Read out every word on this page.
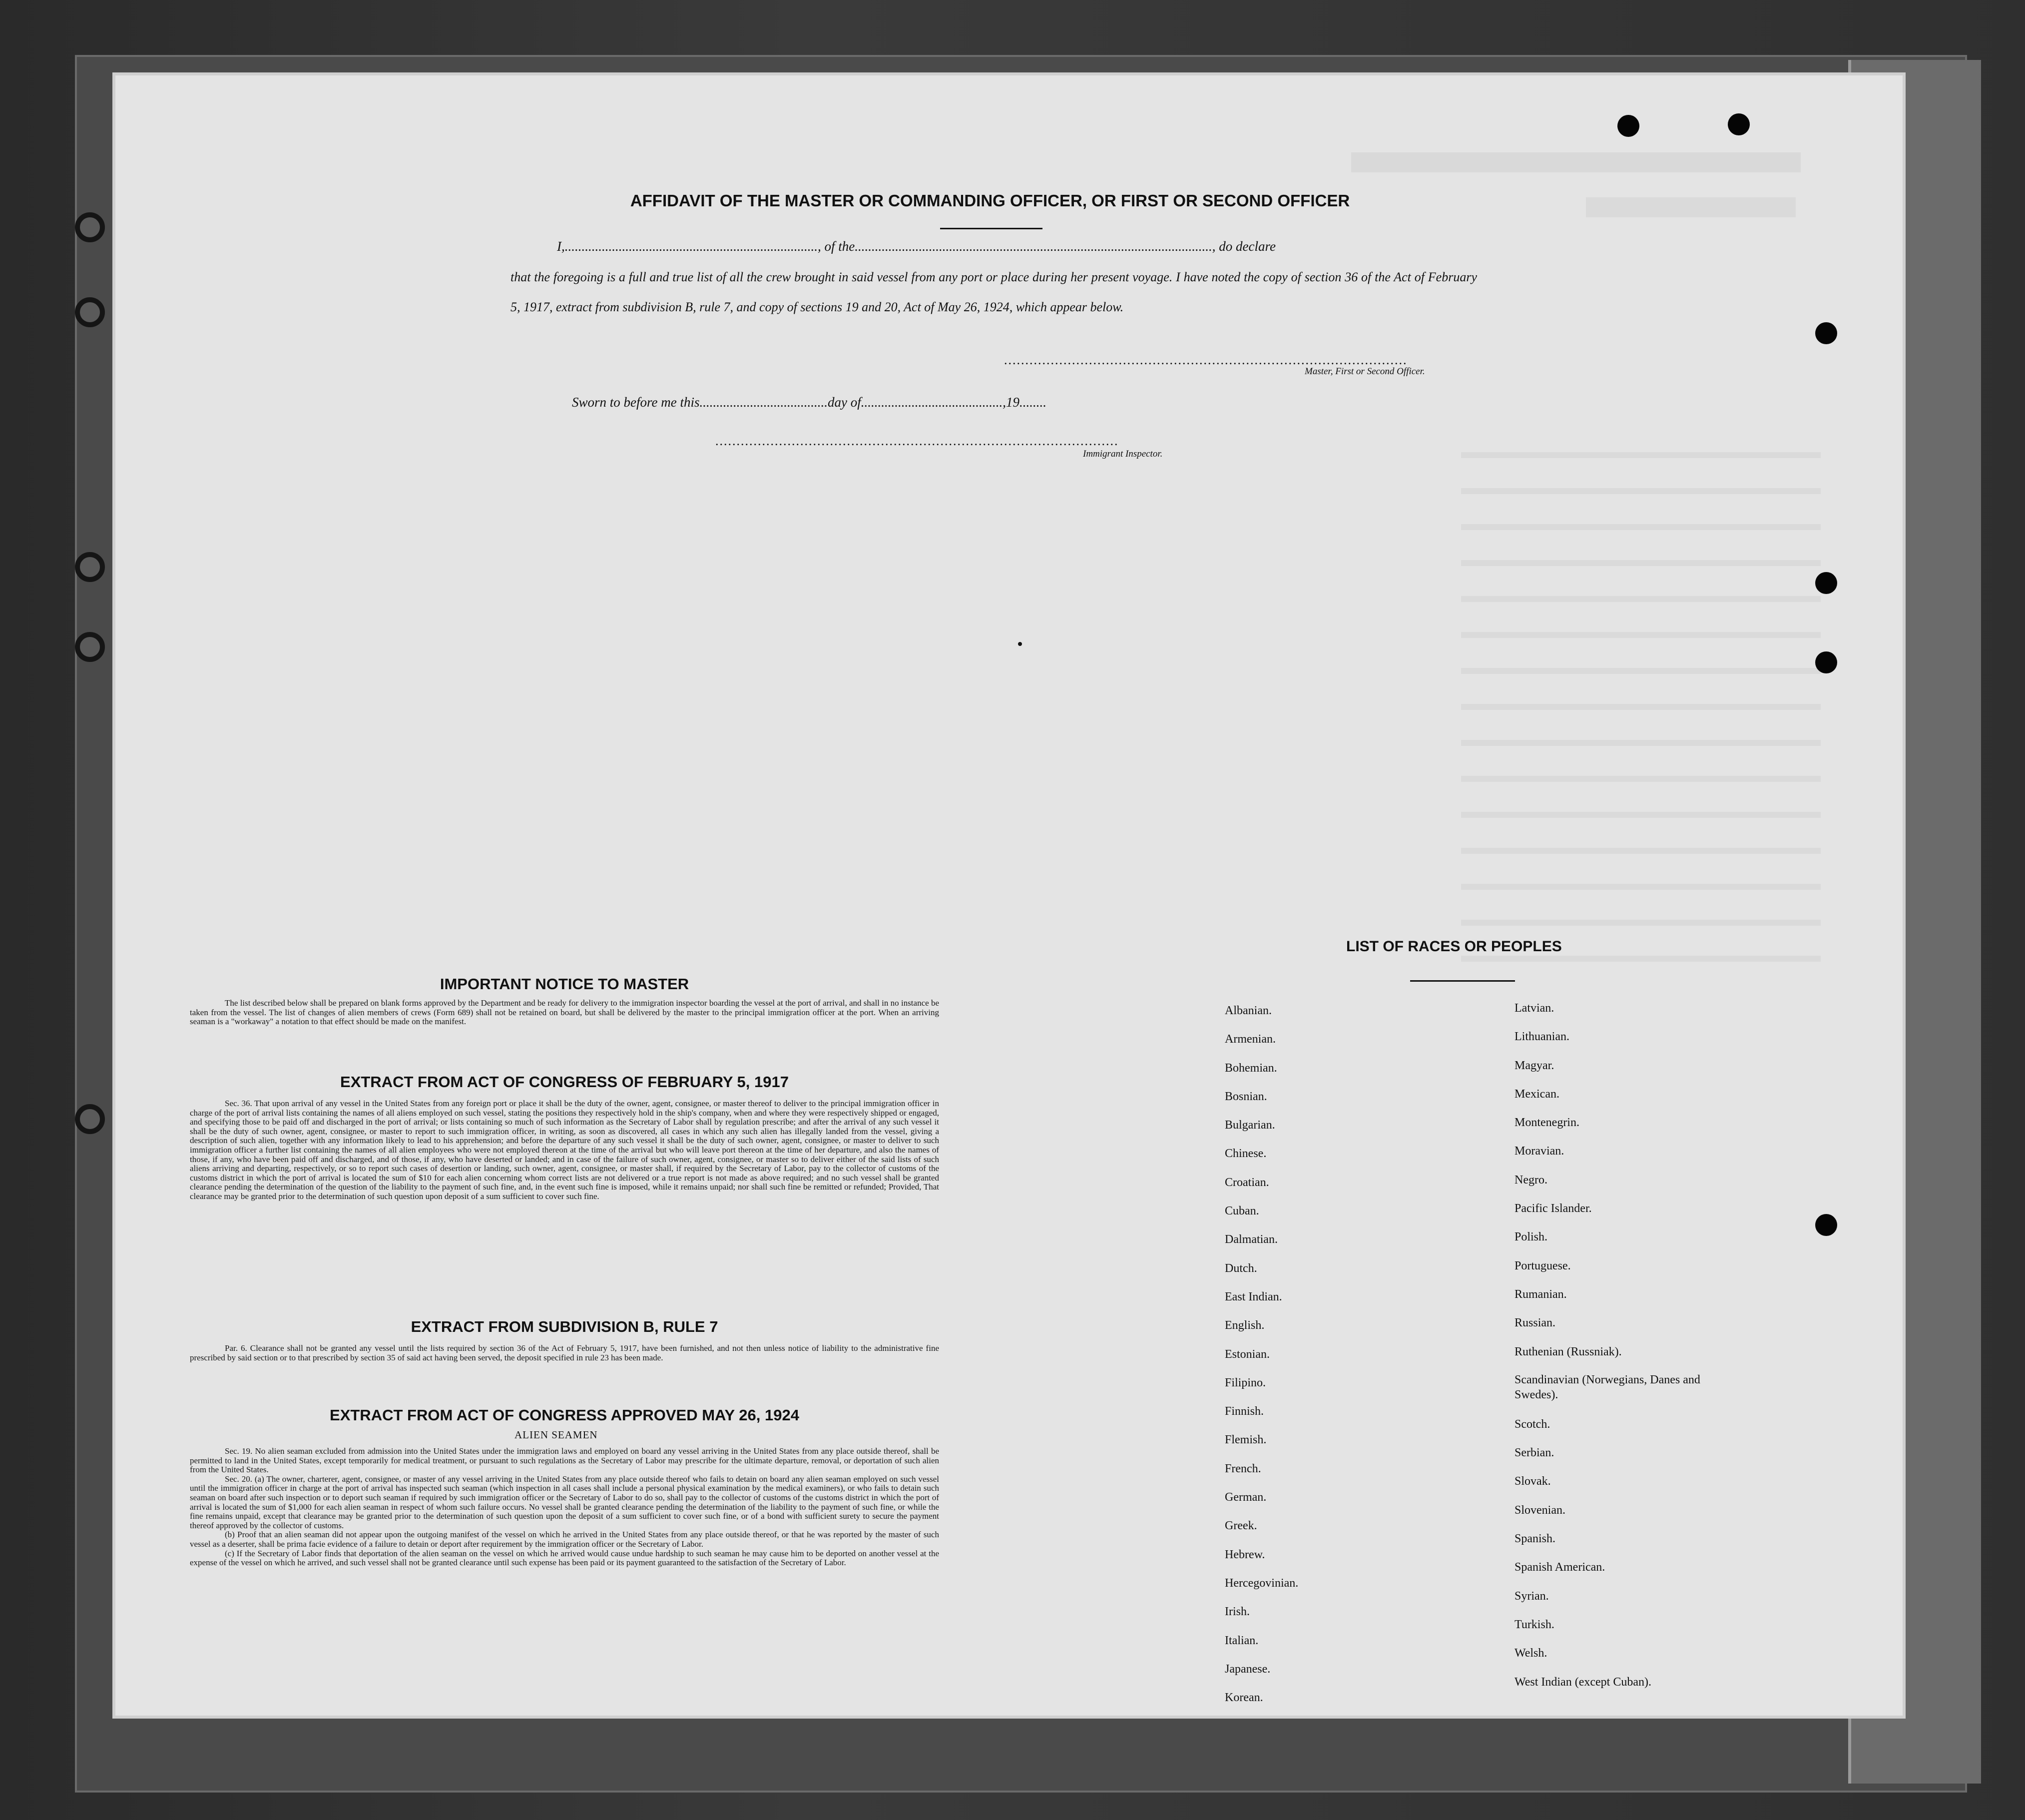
AFFIDAVIT OF THE MASTER OR COMMANDING OFFICER, OR FIRST OR SECOND OFFICER
I,..........................................................................., of the.........................................................................................................., do declare
that the foregoing is a full and true list of all the crew brought in said vessel from any port or place during her present voyage. I have noted the copy of section 36 of the Act of February 5, 1917, extract from subdivision B, rule 7, and copy of sections 19 and 20, Act of May 26, 1924, which appear below.
...............................................................................................
Master, First or Second Officer.
Sworn to before me this......................................day of..........................................,19........
...............................................................................................
Immigrant Inspector.
IMPORTANT NOTICE TO MASTER

The list described below shall be prepared on blank forms approved by the Department and be ready for delivery to the immigration inspector boarding the vessel at the port of arrival, and shall in no instance be taken from the vessel. The list of changes of alien members of crews (Form 689) shall not be retained on board, but shall be delivered by the master to the principal immigration officer at the port. When an arriving seaman is a "workaway" a notation to that effect should be made on the manifest.

EXTRACT FROM ACT OF CONGRESS OF FEBRUARY 5, 1917

Sec. 36. That upon arrival of any vessel in the United States from any foreign port or place it shall be the duty of the owner, agent, consignee, or master thereof to deliver to the principal immigration officer in charge of the port of arrival lists containing the names of all aliens employed on such vessel, stating the positions they respectively hold in the ship's company, when and where they were respectively shipped or engaged, and specifying those to be paid off and discharged in the port of arrival; or lists containing so much of such information as the Secretary of Labor shall by regulation prescribe; and after the arrival of any such vessel it shall be the duty of such owner, agent, consignee, or master to report to such immigration officer, in writing, as soon as discovered, all cases in which any such alien has illegally landed from the vessel, giving a description of such alien, together with any information likely to lead to his apprehension; and before the departure of any such vessel it shall be the duty of such owner, agent, consignee, or master to deliver to such immigration officer a further list containing the names of all alien employees who were not employed thereon at the time of the arrival but who will leave port thereon at the time of her departure, and also the names of those, if any, who have been paid off and discharged, and of those, if any, who have deserted or landed; and in case of the failure of such owner, agent, consignee, or master so to deliver either of the said lists of such aliens arriving and departing, respectively, or so to report such cases of desertion or landing, such owner, agent, consignee, or master shall, if required by the Secretary of Labor, pay to the collector of customs of the customs district in which the port of arrival is located the sum of $10 for each alien concerning whom correct lists are not delivered or a true report is not made as above required; and no such vessel shall be granted clearance pending the determination of the question of the liability to the payment of such fine, and, in the event such fine is imposed, while it remains unpaid; nor shall such fine be remitted or refunded; Provided, That clearance may be granted prior to the determination of such question upon deposit of a sum sufficient to cover such fine.

EXTRACT FROM SUBDIVISION B, RULE 7

Par. 6. Clearance shall not be granted any vessel until the lists required by section 36 of the Act of February 5, 1917, have been furnished, and not then unless notice of liability to the administrative fine prescribed by said section or to that prescribed by section 35 of said act having been served, the deposit specified in rule 23 has been made.

EXTRACT FROM ACT OF CONGRESS APPROVED MAY 26, 1924
ALIEN SEAMEN

Sec. 19. No alien seaman excluded from admission into the United States under the immigration laws and employed on board any vessel arriving in the United States from any place outside thereof, shall be permitted to land in the United States, except temporarily for medical treatment, or pursuant to such regulations as the Secretary of Labor may prescribe for the ultimate departure, removal, or deportation of such alien from the United States.

Sec. 20. (a) The owner, charterer, agent, consignee, or master of any vessel arriving in the United States from any place outside thereof who fails to detain on board any alien seaman employed on such vessel until the immigration officer in charge at the port of arrival has inspected such seaman (which inspection in all cases shall include a personal physical examination by the medical examiners), or who fails to detain such seaman on board after such inspection or to deport such seaman if required by such immigration officer or the Secretary of Labor to do so, shall pay to the collector of customs of the customs district in which the port of arrival is located the sum of $1,000 for each alien seaman in respect of whom such failure occurs. No vessel shall be granted clearance pending the determination of the liability to the payment of such fine, or while the fine remains unpaid, except that clearance may be granted prior to the determination of such question upon the deposit of a sum sufficient to cover such fine, or of a bond with sufficient surety to secure the payment thereof approved by the collector of customs.

(b) Proof that an alien seaman did not appear upon the outgoing manifest of the vessel on which he arrived in the United States from any place outside thereof, or that he was reported by the master of such vessel as a deserter, shall be prima facie evidence of a failure to detain or deport after requirement by the immigration officer or the Secretary of Labor.

(c) If the Secretary of Labor finds that deportation of the alien seaman on the vessel on which he arrived would cause undue hardship to such seaman he may cause him to be deported on another vessel at the expense of the vessel on which he arrived, and such vessel shall not be granted clearance until such expense has been paid or its payment guaranteed to the satisfaction of the Secretary of Labor.

LIST OF RACES OR PEOPLES
Albanian.
Armenian.
Bohemian.
Bosnian.
Bulgarian.
Chinese.
Croatian.
Cuban.
Dalmatian.
Dutch.
East Indian.
English.
Estonian.
Filipino.
Finnish.
Flemish.
French.
German.
Greek.
Hebrew.
Hercegovinian.
Irish.
Italian.
Japanese.
Korean.
Latvian.
Lithuanian.
Magyar.
Mexican.
Montenegrin.
Moravian.
Negro.
Pacific Islander.
Polish.
Portuguese.
Rumanian.
Russian.
Ruthenian (Russniak).
Scandinavian (Norwegians, Danes and Swedes).
Scotch.
Serbian.
Slovak.
Slovenian.
Spanish.
Spanish American.
Syrian.
Turkish.
Welsh.
West Indian (except Cuban).
